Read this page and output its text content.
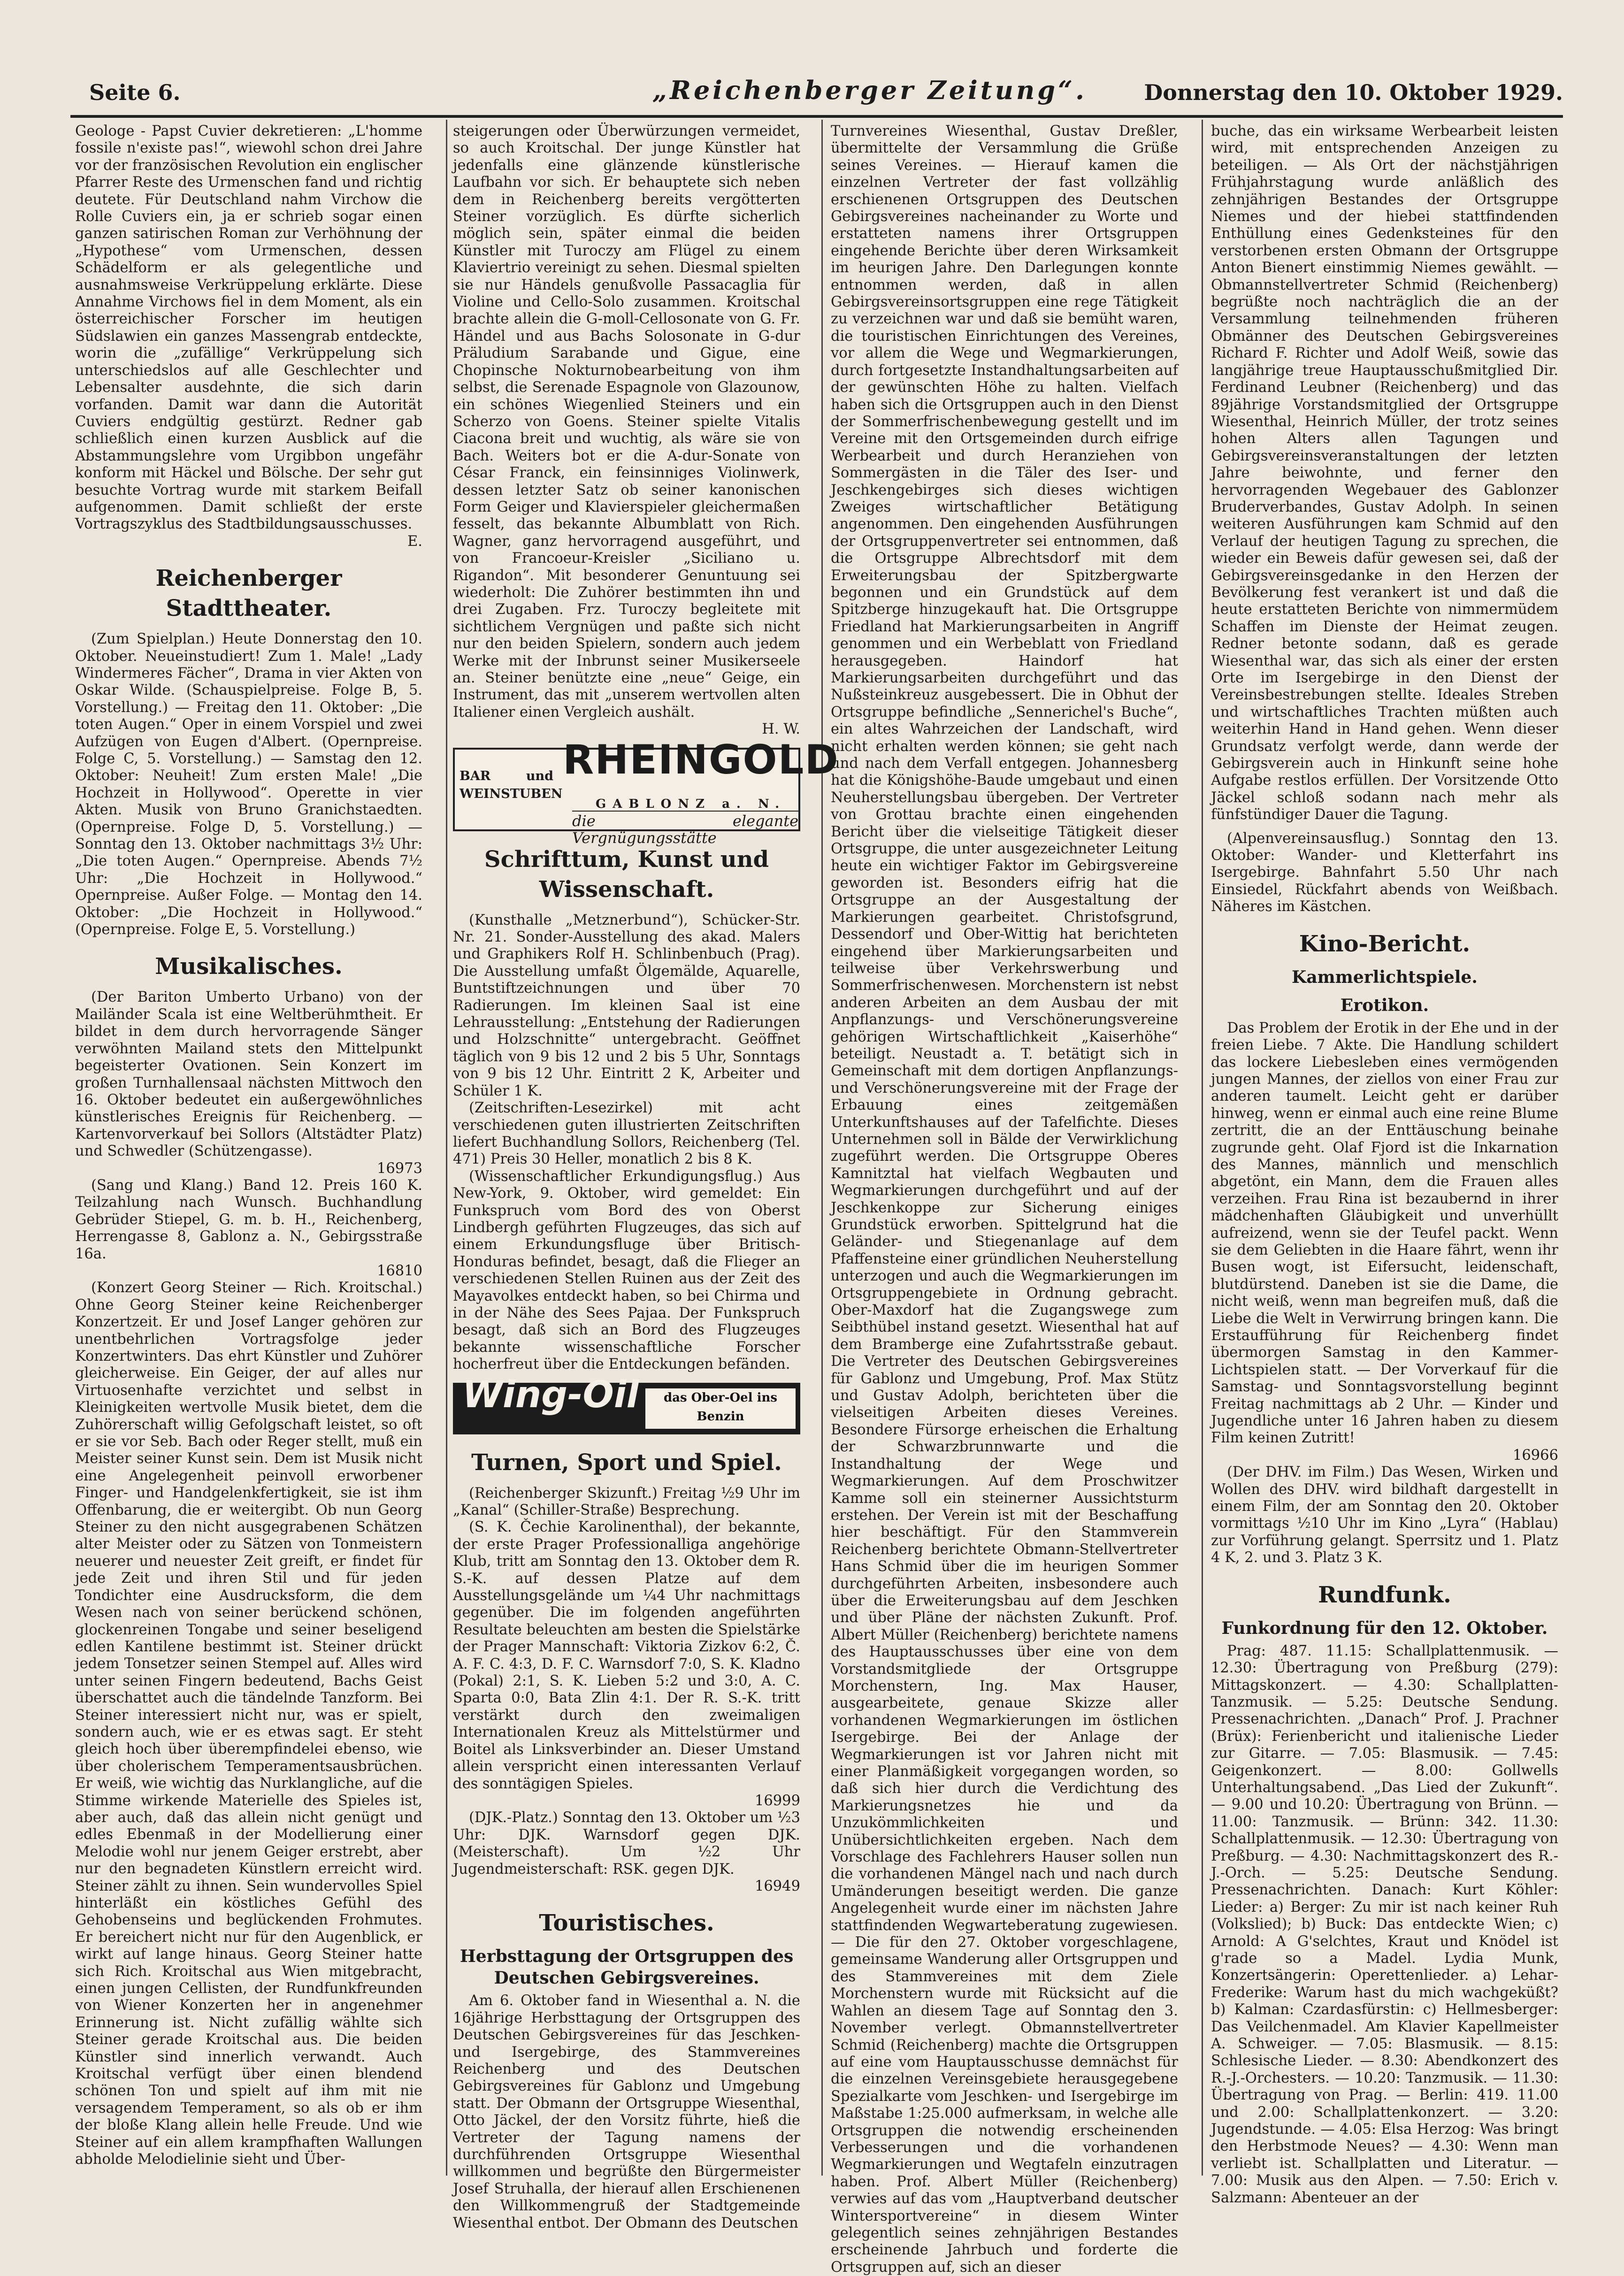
Seite 6.	„Reichenberger Zeitung“.	Donnerstag den 10. Oktober 1929.

Geologe - Papst Cuvier dekretieren: „L'homme fossile n'existe pas!“, wiewohl schon drei Jahre vor der französischen Revolution ein englischer Pfarrer Reste des Urmenschen fand und richtig deutete. Für Deutschland nahm Virchow die Rolle Cuviers ein, ja er schrieb sogar einen ganzen satirischen Roman zur Verhöhnung der „Hypothese“ vom Urmenschen, dessen Schädelform er als gelegentliche und ausnahmsweise Verkrüppelung erklärte. Diese Annahme Virchows fiel in dem Moment, als ein österreichischer Forscher im heutigen Südslawien ein ganzes Massengrab entdeckte, worin die „zufällige“ Verkrüppelung sich unterschiedslos auf alle Geschlechter und Lebensalter ausdehnte, die sich darin vorfanden. Damit war dann die Autorität Cuviers endgültig gestürzt. Redner gab schließlich einen kurzen Ausblick auf die Abstammungslehre vom Urgibbon ungefähr konform mit Häckel und Bölsche. Der sehr gut besuchte Vortrag wurde mit starkem Beifall aufgenommen. Damit schließt der erste Vortragszyklus des Stadtbildungsausschusses.

E.
Reichenberger Stadttheater.

(Zum Spielplan.) Heute Donnerstag den 10. Oktober. Neueinstudiert! Zum 1. Male! „Lady Windermeres Fächer“, Drama in vier Akten von Oskar Wilde. (Schauspielpreise. Folge B, 5. Vorstellung.) — Freitag den 11. Oktober: „Die toten Augen.“ Oper in einem Vorspiel und zwei Aufzügen von Eugen d'Albert. (Opernpreise. Folge C, 5. Vorstellung.) — Samstag den 12. Oktober: Neuheit! Zum ersten Male! „Die Hochzeit in Hollywood“. Operette in vier Akten. Musik von Bruno Granichstaedten. (Opernpreise. Folge D, 5. Vorstellung.) — Sonntag den 13. Oktober nachmittags 3½ Uhr: „Die toten Augen.“ Opernpreise. Abends 7½ Uhr: „Die Hochzeit in Hollywood.“ Opernpreise. Außer Folge. — Montag den 14. Oktober: „Die Hochzeit in Hollywood.“ (Opernpreise. Folge E, 5. Vorstellung.)

Musikalisches.

(Der Bariton Umberto Urbano) von der Mailänder Scala ist eine Weltberühmtheit. Er bildet in dem durch hervorragende Sänger verwöhnten Mailand stets den Mittelpunkt begeisterter Ovationen. Sein Konzert im großen Turnhallensaal nächsten Mittwoch den 16. Oktober bedeutet ein außergewöhnliches künstlerisches Ereignis für Reichenberg. — Kartenvorverkauf bei Sollors (Altstädter Platz) und Schwedler (Schützengasse).

16973

(Sang und Klang.) Band 12. Preis 160 K. Teilzahlung nach Wunsch. Buchhandlung Gebrüder Stiepel, G. m. b. H., Reichenberg, Herrengasse 8, Gablonz a. N., Gebirgsstraße 16a.

16810

(Konzert Georg Steiner — Rich. Kroitschal.) Ohne Georg Steiner keine Reichenberger Konzertzeit. Er und Josef Langer gehören zur unentbehrlichen Vortragsfolge jeder Konzertwinters. Das ehrt Künstler und Zuhörer gleicherweise. Ein Geiger, der auf alles nur Virtuosenhafte verzichtet und selbst in Kleinigkeiten wertvolle Musik bietet, dem die Zuhörerschaft willig Gefolgschaft leistet, so oft er sie vor Seb. Bach oder Reger stellt, muß ein Meister seiner Kunst sein. Dem ist Musik nicht eine Angelegenheit peinvoll erworbener Finger- und Handgelenkfertigkeit, sie ist ihm Offenbarung, die er weitergibt. Ob nun Georg Steiner zu den nicht ausgegrabenen Schätzen alter Meister oder zu Sätzen von Tonmeistern neuerer und neuester Zeit greift, er findet für jede Zeit und ihren Stil und für jeden Tondichter eine Ausdrucksform, die dem Wesen nach von seiner berückend schönen, glockenreinen Tongabe und seiner beseligend edlen Kantilene bestimmt ist. Steiner drückt jedem Tonsetzer seinen Stempel auf. Alles wird unter seinen Fingern bedeutend, Bachs Geist überschattet auch die tändelnde Tanzform. Bei Steiner interessiert nicht nur, was er spielt, sondern auch, wie er es etwas sagt. Er steht gleich hoch über überempfindelei ebenso, wie über cholerischem Temperamentsausbrüchen. Er weiß, wie wichtig das Nurklangliche, auf die Stimme wirkende Materielle des Spieles ist, aber auch, daß das allein nicht genügt und edles Ebenmaß in der Modellierung einer Melodie wohl nur jenem Geiger erstrebt, aber nur den begnadeten Künstlern erreicht wird. Steiner zählt zu ihnen. Sein wundervolles Spiel hinterläßt ein köstliches Gefühl des Gehobenseins und beglückenden Frohmutes. Er bereichert nicht nur für den Augenblick, er wirkt auf lange hinaus. Georg Steiner hatte sich Rich. Kroitschal aus Wien mitgebracht, einen jungen Cellisten, der Rundfunkfreunden von Wiener Konzerten her in angenehmer Erinnerung ist. Nicht zufällig wählte sich Steiner gerade Kroitschal aus. Die beiden Künstler sind innerlich verwandt. Auch Kroitschal verfügt über einen blendend schönen Ton und spielt auf ihm mit nie versagendem Temperament, so als ob er ihm der bloße Klang allein helle Freude. Und wie Steiner auf ein allem krampfhaften Wallungen abholde Melodielinie sieht und Über-

steigerungen oder Überwürzungen vermeidet, so auch Kroitschal. Der junge Künstler hat jedenfalls eine glänzende künstlerische Laufbahn vor sich. Er behauptete sich neben dem in Reichenberg bereits vergötterten Steiner vorzüglich. Es dürfte sicherlich möglich sein, später einmal die beiden Künstler mit Turoczy am Flügel zu einem Klaviertrio vereinigt zu sehen. Diesmal spielten sie nur Händels genußvolle Passacaglia für Violine und Cello-Solo zusammen. Kroitschal brachte allein die G-moll-Cellosonate von G. Fr. Händel und aus Bachs Solosonate in G-dur Präludium Sarabande und Gigue, eine Chopinsche Nokturnobearbeitung von ihm selbst, die Serenade Espagnole von Glazounow, ein schönes Wiegenlied Steiners und ein Scherzo von Goens. Steiner spielte Vitalis Ciacona breit und wuchtig, als wäre sie von Bach. Weiters bot er die A-dur-Sonate von César Franck, ein feinsinniges Violinwerk, dessen letzter Satz ob seiner kanonischen Form Geiger und Klavierspieler gleichermaßen fesselt, das bekannte Albumblatt von Rich. Wagner, ganz hervorragend ausgeführt, und von Francoeur-Kreisler „Siciliano u. Rigandon“. Mit besonderer Genuntuung sei wiederholt: Die Zuhörer bestimmten ihn und drei Zugaben. Frz. Turoczy begleitete mit sichtlichem Vergnügen und paßte sich nicht nur den beiden Spielern, sondern auch jedem Werke mit der Inbrunst seiner Musikerseele an. Steiner benützte eine „neue“ Geige, ein Instrument, das mit „unserem wertvollen alten Italiener einen Vergleich aushält.

H. W.
BAR und WEINSTUBEN
RHEINGOLD
GABLONZ a. N.
die elegante Vergnügungsstätte
Schrifttum, Kunst und Wissenschaft.

(Kunsthalle „Metznerbund“), Schücker-Str. Nr. 21. Sonder-Ausstellung des akad. Malers und Graphikers Rolf H. Schlinbenbuch (Prag). Die Ausstellung umfaßt Ölgemälde, Aquarelle, Buntstiftzeichnungen und über 70 Radierungen. Im kleinen Saal ist eine Lehrausstellung: „Entstehung der Radierungen und Holzschnitte“ untergebracht. Geöffnet täglich von 9 bis 12 und 2 bis 5 Uhr, Sonntags von 9 bis 12 Uhr. Eintritt 2 K, Arbeiter und Schüler 1 K.

(Zeitschriften-Lesezirkel) mit acht verschiedenen guten illustrierten Zeitschriften liefert Buchhandlung Sollors, Reichenberg (Tel. 471) Preis 30 Heller, monatlich 2 bis 8 K.

(Wissenschaftlicher Erkundigungsflug.) Aus New-York, 9. Oktober, wird gemeldet: Ein Funkspruch vom Bord des von Oberst Lindbergh geführten Flugzeuges, das sich auf einem Erkundungsfluge über Britisch-Honduras befindet, besagt, daß die Flieger an verschiedenen Stellen Ruinen aus der Zeit des Mayavolkes entdeckt haben, so bei Chirma und in der Nähe des Sees Pajaa. Der Funkspruch besagt, daß sich an Bord des Flugzeuges bekannte wissenschaftliche Forscher hocherfreut über die Entdeckungen befänden.

Wing-Oil	das Ober-Oel ins Benzin
Turnen, Sport und Spiel.

(Reichenberger Skizunft.) Freitag ½9 Uhr im „Kanal“ (Schiller-Straße) Besprechung.

(S. K. Čechie Karolinenthal), der bekannte, der erste Prager Professionalliga angehörige Klub, tritt am Sonntag den 13. Oktober dem R. S.-K. auf dessen Platze auf dem Ausstellungsgelände um ¼4 Uhr nachmittags gegenüber. Die im folgenden angeführten Resultate beleuchten am besten die Spielstärke der Prager Mannschaft: Viktoria Zizkov 6:2, Č. A. F. C. 4:3, D. F. C. Warnsdorf 7:0, S. K. Kladno (Pokal) 2:1, S. K. Lieben 5:2 und 3:0, A. C. Sparta 0:0, Bata Zlin 4:1. Der R. S.-K. tritt verstärkt durch den zweimaligen Internationalen Kreuz als Mittelstürmer und Boitel als Linksverbinder an. Dieser Umstand allein verspricht einen interessanten Verlauf des sonntägigen Spieles.

16999

(DJK.-Platz.) Sonntag den 13. Oktober um ½3 Uhr: DJK. Warnsdorf gegen DJK. (Meisterschaft). Um ½2 Uhr Jugendmeisterschaft: RSK. gegen DJK.

16949
Touristisches.
Herbsttagung der Ortsgruppen des Deutschen Gebirgsvereines.

Am 6. Oktober fand in Wiesenthal a. N. die 16jährige Herbsttagung der Ortsgruppen des Deutschen Gebirgsvereines für das Jeschken- und Isergebirge, des Stammvereines Reichenberg und des Deutschen Gebirgsvereines für Gablonz und Umgebung statt. Der Obmann der Ortsgruppe Wiesenthal, Otto Jäckel, der den Vorsitz führte, hieß die Vertreter der Tagung namens der durchführenden Ortsgruppe Wiesenthal willkommen und begrüßte den Bürgermeister Josef Struhalla, der hierauf allen Erschienenen den Willkommengruß der Stadtgemeinde Wiesenthal entbot. Der Obmann des Deutschen

Turnvereines Wiesenthal, Gustav Dreßler, übermittelte der Versammlung die Grüße seines Vereines. — Hierauf kamen die einzelnen Vertreter der fast vollzählig erschienenen Ortsgruppen des Deutschen Gebirgsvereines nacheinander zu Worte und erstatteten namens ihrer Ortsgruppen eingehende Berichte über deren Wirksamkeit im heurigen Jahre. Den Darlegungen konnte entnommen werden, daß in allen Gebirgsvereinsortsgruppen eine rege Tätigkeit zu verzeichnen war und daß sie bemüht waren, die touristischen Einrichtungen des Vereines, vor allem die Wege und Wegmarkierungen, durch fortgesetzte Instandhaltungsarbeiten auf der gewünschten Höhe zu halten. Vielfach haben sich die Ortsgruppen auch in den Dienst der Sommerfrischenbewegung gestellt und im Vereine mit den Ortsgemeinden durch eifrige Werbearbeit und durch Heranziehen von Sommergästen in die Täler des Iser- und Jeschkengebirges sich dieses wichtigen Zweiges wirtschaftlicher Betätigung angenommen. Den eingehenden Ausführungen der Ortsgruppenvertreter sei entnommen, daß die Ortsgruppe Albrechtsdorf mit dem Erweiterungsbau der Spitzbergwarte begonnen und ein Grundstück auf dem Spitzberge hinzugekauft hat. Die Ortsgruppe Friedland hat Markierungsarbeiten in Angriff genommen und ein Werbeblatt von Friedland herausgegeben. Haindorf hat Markierungsarbeiten durchgeführt und das Nußsteinkreuz ausgebessert. Die in Obhut der Ortsgruppe befindliche „Sennerichel's Buche“, ein altes Wahrzeichen der Landschaft, wird nicht erhalten werden können; sie geht nach und nach dem Verfall entgegen. Johannesberg hat die Königshöhe-Baude umgebaut und einen Neuherstellungsbau übergeben. Der Vertreter von Grottau brachte einen eingehenden Bericht über die vielseitige Tätigkeit dieser Ortsgruppe, die unter ausgezeichneter Leitung heute ein wichtiger Faktor im Gebirgsvereine geworden ist. Besonders eifrig hat die Ortsgruppe an der Ausgestaltung der Markierungen gearbeitet. Christofsgrund, Dessendorf und Ober-Wittig hat berichteten eingehend über Markierungsarbeiten und teilweise über Verkehrswerbung und Sommerfrischenwesen. Morchenstern ist nebst anderen Arbeiten an dem Ausbau der mit Anpflanzungs- und Verschönerungsvereine gehörigen Wirtschaftlichkeit „Kaiserhöhe“ beteiligt. Neustadt a. T. betätigt sich in Gemeinschaft mit dem dortigen Anpflanzungs- und Verschönerungsvereine mit der Frage der Erbauung eines zeitgemäßen Unterkunftshauses auf der Tafelfichte. Dieses Unternehmen soll in Bälde der Verwirklichung zugeführt werden. Die Ortsgruppe Oberes Kamnitztal hat vielfach Wegbauten und Wegmarkierungen durchgeführt und auf der Jeschkenkoppe zur Sicherung einiges Grundstück erworben. Spittelgrund hat die Geländer- und Stiegenanlage auf dem Pfaffensteine einer gründlichen Neuherstellung unterzogen und auch die Wegmarkierungen im Ortsgruppengebiete in Ordnung gebracht. Ober-Maxdorf hat die Zugangswege zum Seibthübel instand gesetzt. Wiesenthal hat auf dem Bramberge eine Zufahrtsstraße gebaut. Die Vertreter des Deutschen Gebirgsvereines für Gablonz und Umgebung, Prof. Max Stütz und Gustav Adolph, berichteten über die vielseitigen Arbeiten dieses Vereines. Besondere Fürsorge erheischen die Erhaltung der Schwarzbrunnwarte und die Instandhaltung der Wege und Wegmarkierungen. Auf dem Proschwitzer Kamme soll ein steinerner Aussichtsturm erstehen. Der Verein ist mit der Beschaffung hier beschäftigt. Für den Stammverein Reichenberg berichtete Obmann-Stellvertreter Hans Schmid über die im heurigen Sommer durchgeführten Arbeiten, insbesondere auch über die Erweiterungsbau auf dem Jeschken und über Pläne der nächsten Zukunft. Prof. Albert Müller (Reichenberg) berichtete namens des Hauptausschusses über eine von dem Vorstandsmitgliede der Ortsgruppe Morchenstern, Ing. Max Hauser, ausgearbeitete, genaue Skizze aller vorhandenen Wegmarkierungen im östlichen Isergebirge. Bei der Anlage der Wegmarkierungen ist vor Jahren nicht mit einer Planmäßigkeit vorgegangen worden, so daß sich hier durch die Verdichtung des Markierungsnetzes hie und da Unzukömmlichkeiten und Unübersichtlichkeiten ergeben. Nach dem Vorschlage des Fachlehrers Hauser sollen nun die vorhandenen Mängel nach und nach durch Umänderungen beseitigt werden. Die ganze Angelegenheit wurde einer im nächsten Jahre stattfindenden Wegwarteberatung zugewiesen. — Die für den 27. Oktober vorgeschlagene, gemeinsame Wanderung aller Ortsgruppen und des Stammvereines mit dem Ziele Morchenstern wurde mit Rücksicht auf die Wahlen an diesem Tage auf Sonntag den 3. November verlegt. Obmannstellvertreter Schmid (Reichenberg) machte die Ortsgruppen auf eine vom Hauptausschusse demnächst für die einzelnen Vereinsgebiete herausgegebene Spezialkarte vom Jeschken- und Isergebirge im Maßstabe 1:25.000 aufmerksam, in welche alle Ortsgruppen die notwendig erscheinenden Verbesserungen und die vorhandenen Wegmarkierungen und Wegtafeln einzutragen haben. Prof. Albert Müller (Reichenberg) verwies auf das vom „Hauptverband deutscher Wintersportvereine“ in diesem Winter gelegentlich seines zehnjährigen Bestandes erscheinende Jahrbuch und forderte die Ortsgruppen auf, sich an dieser

buche, das ein wirksame Werbearbeit leisten wird, mit entsprechenden Anzeigen zu beteiligen. — Als Ort der nächstjährigen Frühjahrstagung wurde anläßlich des zehnjährigen Bestandes der Ortsgruppe Niemes und der hiebei stattfindenden Enthüllung eines Gedenksteines für den verstorbenen ersten Obmann der Ortsgruppe Anton Bienert einstimmig Niemes gewählt. — Obmannstellvertreter Schmid (Reichenberg) begrüßte noch nachträglich die an der Versammlung teilnehmenden früheren Obmänner des Deutschen Gebirgsvereines Richard F. Richter und Adolf Weiß, sowie das langjährige treue Hauptausschußmitglied Dir. Ferdinand Leubner (Reichenberg) und das 89jährige Vorstandsmitglied der Ortsgruppe Wiesenthal, Heinrich Müller, der trotz seines hohen Alters allen Tagungen und Gebirgsvereinsveranstaltungen der letzten Jahre beiwohnte, und ferner den hervorragenden Wegebauer des Gablonzer Bruderverbandes, Gustav Adolph. In seinen weiteren Ausführungen kam Schmid auf den Verlauf der heutigen Tagung zu sprechen, die wieder ein Beweis dafür gewesen sei, daß der Gebirgsvereinsgedanke in den Herzen der Bevölkerung fest verankert ist und daß die heute erstatteten Berichte von nimmermüdem Schaffen im Dienste der Heimat zeugen. Redner betonte sodann, daß es gerade Wiesenthal war, das sich als einer der ersten Orte im Isergebirge in den Dienst der Vereinsbestrebungen stellte. Ideales Streben und wirtschaftliches Trachten müßten auch weiterhin Hand in Hand gehen. Wenn dieser Grundsatz verfolgt werde, dann werde der Gebirgsverein auch in Hinkunft seine hohe Aufgabe restlos erfüllen. Der Vorsitzende Otto Jäckel schloß sodann nach mehr als fünfstündiger Dauer die Tagung.

(Alpenvereinsausflug.) Sonntag den 13. Oktober: Wander- und Kletterfahrt ins Isergebirge. Bahnfahrt 5.50 Uhr nach Einsiedel, Rückfahrt abends von Weißbach. Näheres im Kästchen.

Kino-Bericht.
Kammerlichtspiele.
Erotikon.

Das Problem der Erotik in der Ehe und in der freien Liebe. 7 Akte. Die Handlung schildert das lockere Liebesleben eines vermögenden jungen Mannes, der ziellos von einer Frau zur anderen taumelt. Leicht geht er darüber hinweg, wenn er einmal auch eine reine Blume zertritt, die an der Enttäuschung beinahe zugrunde geht. Olaf Fjord ist die Inkarnation des Mannes, männlich und menschlich abgetönt, ein Mann, dem die Frauen alles verzeihen. Frau Rina ist bezaubernd in ihrer mädchenhaften Gläubigkeit und unverhüllt aufreizend, wenn sie der Teufel packt. Wenn sie dem Geliebten in die Haare fährt, wenn ihr Busen wogt, ist Eifersucht, leidenschaft, blutdürstend. Daneben ist sie die Dame, die nicht weiß, wenn man begreifen muß, daß die Liebe die Welt in Verwirrung bringen kann. Die Erstaufführung für Reichenberg findet übermorgen Samstag in den Kammer-Lichtspielen statt. — Der Vorverkauf für die Samstag- und Sonntagsvorstellung beginnt Freitag nachmittags ab 2 Uhr. — Kinder und Jugendliche unter 16 Jahren haben zu diesem Film keinen Zutritt!

16966

(Der DHV. im Film.) Das Wesen, Wirken und Wollen des DHV. wird bildhaft dargestellt in einem Film, der am Sonntag den 20. Oktober vormittags ½10 Uhr im Kino „Lyra“ (Hablau) zur Vorführung gelangt. Sperrsitz und 1. Platz 4 K, 2. und 3. Platz 3 K.

Rundfunk.
Funkordnung für den 12. Oktober.

Prag: 487. 11.15: Schallplattenmusik. — 12.30: Übertragung von Preßburg (279): Mittagskonzert. — 4.30: Schallplatten-Tanzmusik. — 5.25: Deutsche Sendung. Pressenachrichten. „Danach“ Prof. J. Prachner (Brüx): Ferienbericht und italienische Lieder zur Gitarre. — 7.05: Blasmusik. — 7.45: Geigenkonzert. — 8.00: Gollwells Unterhaltungsabend. „Das Lied der Zukunft“. — 9.00 und 10.20: Übertragung von Brünn. — 11.00: Tanzmusik. — Brünn: 342. 11.30: Schallplattenmusik. — 12.30: Übertragung von Preßburg. — 4.30: Nachmittagskonzert des R.-J.-Orch. — 5.25: Deutsche Sendung. Pressenachrichten. Danach: Kurt Köhler: Lieder: a) Berger: Zu mir ist nach keiner Ruh (Volkslied); b) Buck: Das entdeckte Wien; c) Arnold: A G'selchtes, Kraut und Knödel ist g'rade so a Madel. Lydia Munk, Konzertsängerin: Operettenlieder. a) Lehar-Frederike: Warum hast du mich wachgeküßt? b) Kalman: Czardasfürstin: c) Hellmesberger: Das Veilchenmadel. Am Klavier Kapellmeister A. Schweiger. — 7.05: Blasmusik. — 8.15: Schlesische Lieder. — 8.30: Abendkonzert des R.-J.-Orchesters. — 10.20: Tanzmusik. — 11.30: Übertragung von Prag. — Berlin: 419. 11.00 und 2.00: Schallplattenkonzert. — 3.20: Jugendstunde. — 4.05: Elsa Herzog: Was bringt den Herbstmode Neues? — 4.30: Wenn man verliebt ist. Schallplatten und Literatur. — 7.00: Musik aus den Alpen. — 7.50: Erich v. Salzmann: Abenteuer an der
